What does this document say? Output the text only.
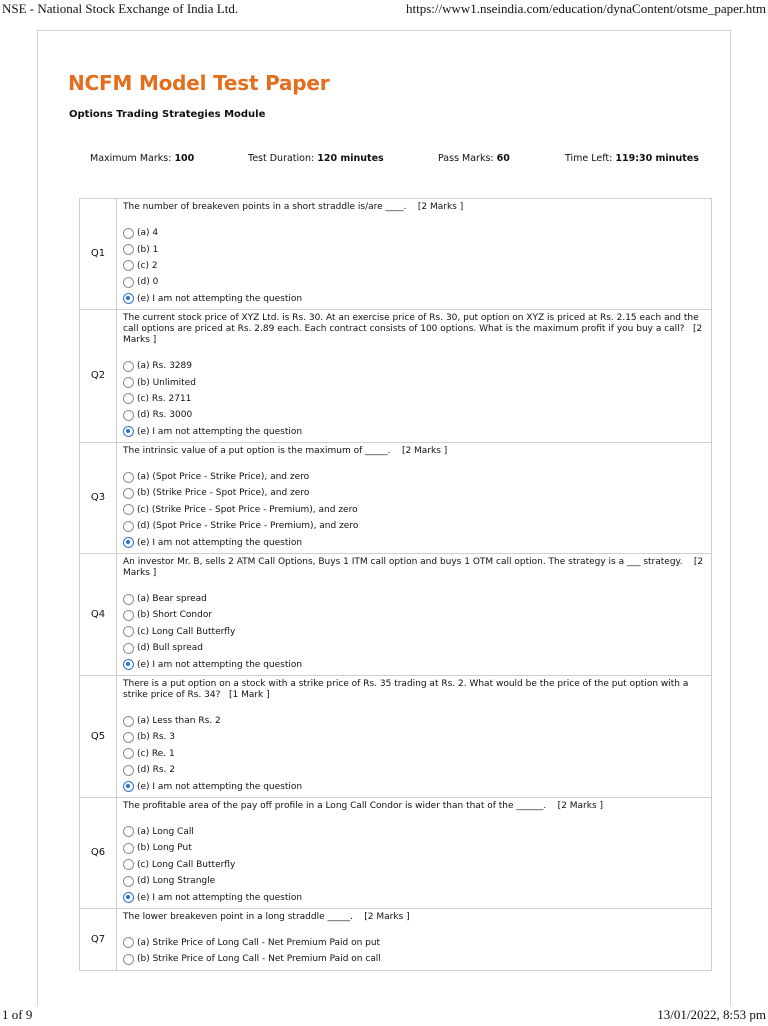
NSE - National Stock Exchange of India Ltd.	https://www1.nseindia.com/education/dynaContent/otsme_paper.htm
NCFM Model Test Paper
Options Trading Strategies Module
Maximum Marks: 100	Test Duration: 120 minutes	Pass Marks: 60	Time Left: 119:30 minutes
Q1
The number of breakeven points in a short straddle is/are ____.    [2 Marks ]
(a) 4
(b) 1
(c) 2
(d) 0
(e) I am not attempting the question
Q2
The current stock price of XYZ Ltd. is Rs. 30. At an exercise price of Rs. 30, put option on XYZ is priced at Rs. 2.15 each and the call options are priced at Rs. 2.89 each. Each contract consists of 100 options. What is the maximum profit if you buy a call?   [2 Marks ]
(a) Rs. 3289
(b) Unlimited
(c) Rs. 2711
(d) Rs. 3000
(e) I am not attempting the question
Q3
The intrinsic value of a put option is the maximum of _____.    [2 Marks ]
(a) (Spot Price - Strike Price), and zero
(b) (Strike Price - Spot Price), and zero
(c) (Strike Price - Spot Price - Premium), and zero
(d) (Spot Price - Strike Price - Premium), and zero
(e) I am not attempting the question
Q4
An investor Mr. B, sells 2 ATM Call Options, Buys 1 ITM call option and buys 1 OTM call option. The strategy is a ___ strategy.    [2 Marks ]
(a) Bear spread
(b) Short Condor
(c) Long Call Butterfly
(d) Bull spread
(e) I am not attempting the question
Q5
There is a put option on a stock with a strike price of Rs. 35 trading at Rs. 2. What would be the price of the put option with a strike price of Rs. 34?   [1 Mark ]
(a) Less than Rs. 2
(b) Rs. 3
(c) Re. 1
(d) Rs. 2
(e) I am not attempting the question
Q6
The profitable area of the pay off profile in a Long Call Condor is wider than that of the ______.    [2 Marks ]
(a) Long Call
(b) Long Put
(c) Long Call Butterfly
(d) Long Strangle
(e) I am not attempting the question
Q7
The lower breakeven point in a long straddle _____.    [2 Marks ]
(a) Strike Price of Long Call - Net Premium Paid on put
(b) Strike Price of Long Call - Net Premium Paid on call
1 of 9	13/01/2022, 8:53 pm
